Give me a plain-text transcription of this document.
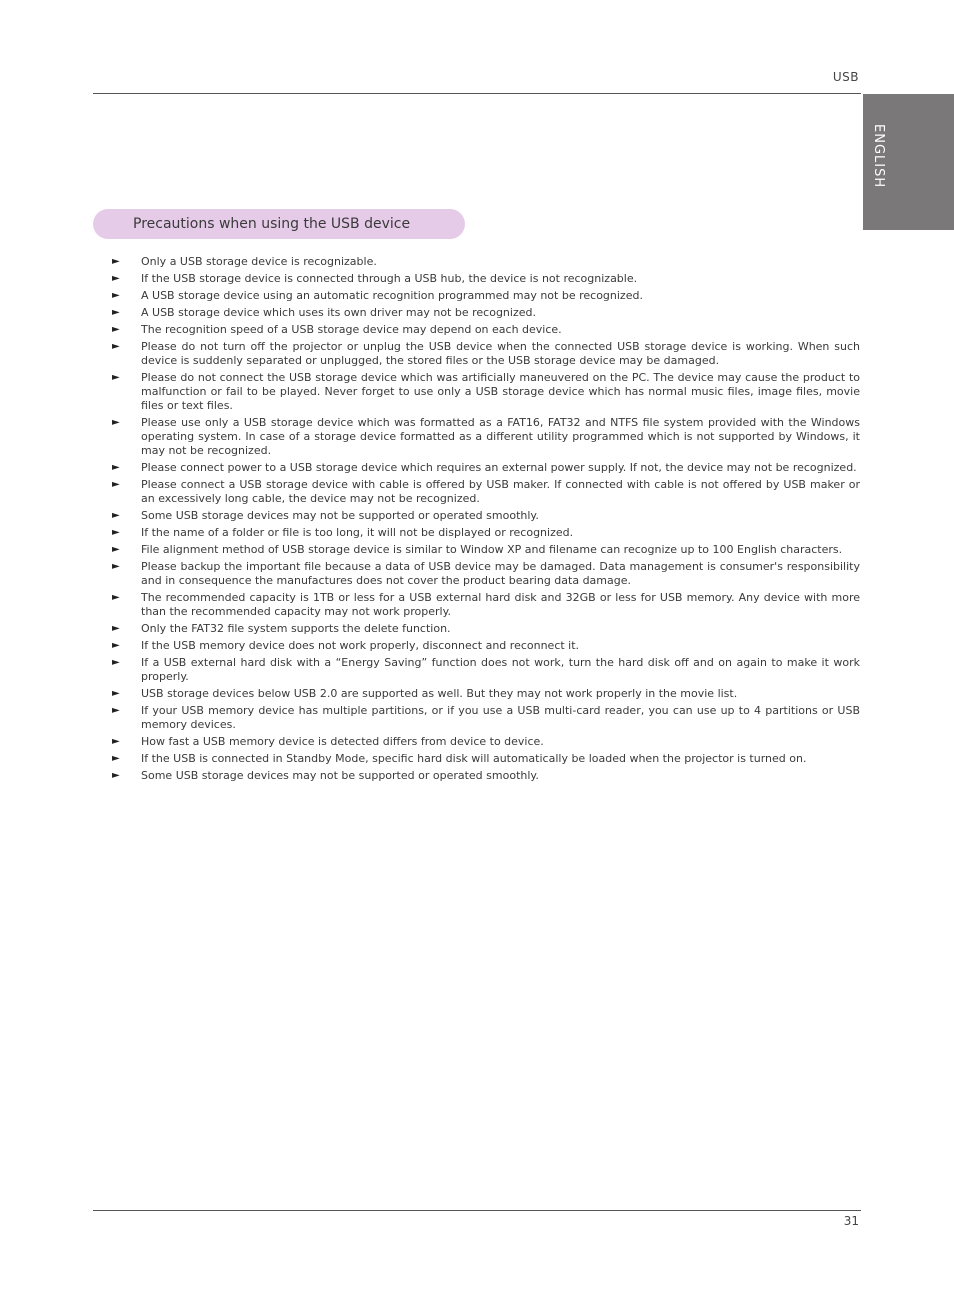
USB
ENGLISH
Precautions when using the USB device
► Only a USB storage device is recognizable.
► If the USB storage device is connected through a USB hub, the device is not recognizable.
► A USB storage device using an automatic recognition programmed may not be recognized.
► A USB storage device which uses its own driver may not be recognized.
► The recognition speed of a USB storage device may depend on each device.
► Please do not turn off the projector or unplug the USB device when the connected USB storage device is working. When such device is suddenly separated or unplugged, the stored files or the USB storage device may be damaged.
► Please do not connect the USB storage device which was artificially maneuvered on the PC. The device may cause the product to malfunction or fail to be played. Never forget to use only a USB storage device which has normal music files, image files, movie files or text files.
► Please use only a USB storage device which was formatted as a FAT16, FAT32 and NTFS file system provided with the Windows operating system. In case of a storage device formatted as a different utility programmed which is not supported by Windows, it may not be recognized.
► Please connect power to a USB storage device which requires an external power supply. If not, the device may not be recognized.
► Please connect a USB storage device with cable is offered by USB maker. If connected with cable is not offered by USB maker or an excessively long cable, the device may not be recognized.
► Some USB storage devices may not be supported or operated smoothly.
► If the name of a folder or file is too long, it will not be displayed or recognized.
► File alignment method of USB storage device is similar to Window XP and filename can recognize up to 100 English characters.
► Please backup the important file because a data of USB device may be damaged. Data management is consumer's responsibility and in consequence the manufactures does not cover the product bearing data damage.
► The recommended capacity is 1TB or less for a USB external hard disk and 32GB or less for USB memory. Any device with more than the recommended capacity may not work properly.
► Only the FAT32 file system supports the delete function.
► If the USB memory device does not work properly, disconnect and reconnect it.
► If a USB external hard disk with a “Energy Saving” function does not work, turn the hard disk off and on again to make it work properly.
► USB storage devices below USB 2.0 are supported as well. But they may not work properly in the movie list.
► If your USB memory device has multiple partitions, or if you use a USB multi-card reader, you can use up to 4 partitions or USB memory devices.
► How fast a USB memory device is detected differs from device to device.
► If the USB is connected in Standby Mode, specific hard disk will automatically be loaded when the projector is turned on.
► Some USB storage devices may not be supported or operated smoothly.
31
